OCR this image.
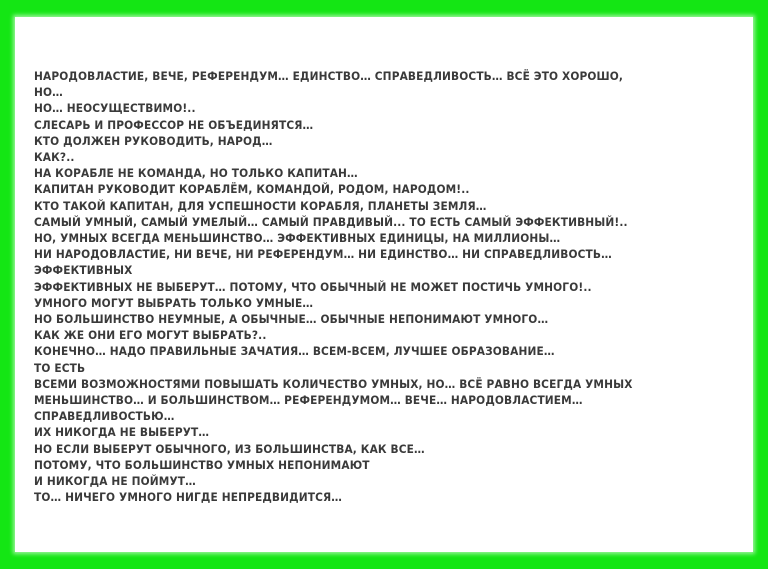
НАРОДОВЛАСТИЕ, ВЕЧЕ, РЕФЕРЕНДУМ… ЕДИНСТВО… СПРАВЕДЛИВОСТЬ… ВСЁ ЭТО ХОРОШО,
НО…
НО… НЕОСУЩЕСТВИМО!..
СЛЕСАРЬ И ПРОФЕССОР НЕ ОБЪЕДИНЯТСЯ…
КТО ДОЛЖЕН РУКОВОДИТЬ, НАРОД…
КАК?..
НА КОРАБЛЕ НЕ КОМАНДА, НО ТОЛЬКО КАПИТАН…
КАПИТАН РУКОВОДИТ КОРАБЛЁМ, КОМАНДОЙ, РОДОМ, НАРОДОМ!..
КТО ТАКОЙ КАПИТАН, ДЛЯ УСПЕШНОСТИ КОРАБЛЯ, ПЛАНЕТЫ ЗЕМЛЯ…
САМЫЙ УМНЫЙ, САМЫЙ УМЕЛЫЙ… САМЫЙ ПРАВДИВЫЙ... ТО ЕСТЬ САМЫЙ ЭФФЕКТИВНЫЙ!..
НО, УМНЫХ ВСЕГДА МЕНЬШИНСТВО… ЭФФЕКТИВНЫХ ЕДИНИЦЫ, НА МИЛЛИОНЫ…
НИ НАРОДОВЛАСТИЕ, НИ ВЕЧЕ, НИ РЕФЕРЕНДУМ… НИ ЕДИНСТВО… НИ СПРАВЕДЛИВОСТЬ…
ЭФФЕКТИВНЫХ
ЭФФЕКТИВНЫХ НЕ ВЫБЕРУТ… ПОТОМУ, ЧТО ОБЫЧНЫЙ НЕ МОЖЕТ ПОСТИЧЬ УМНОГО!..
УМНОГО МОГУТ ВЫБРАТЬ ТОЛЬКО УМНЫЕ…
НО БОЛЬШИНСТВО НЕУМНЫЕ, А ОБЫЧНЫЕ… ОБЫЧНЫЕ НЕПОНИМАЮТ УМНОГО…
КАК ЖЕ ОНИ ЕГО МОГУТ ВЫБРАТЬ?..
КОНЕЧНО… НАДО ПРАВИЛЬНЫЕ ЗАЧАТИЯ… ВСЕМ-ВСЕМ, ЛУЧШЕЕ ОБРАЗОВАНИЕ…
ТО ЕСТЬ
ВСЕМИ ВОЗМОЖНОСТЯМИ ПОВЫШАТЬ КОЛИЧЕСТВО УМНЫХ, НО… ВСЁ РАВНО ВСЕГДА УМНЫХ
МЕНЬШИНСТВО… И БОЛЬШИНСТВОМ… РЕФЕРЕНДУМОМ… ВЕЧЕ… НАРОДОВЛАСТИЕМ…
СПРАВЕДЛИВОСТЬЮ…
ИХ НИКОГДА НЕ ВЫБЕРУТ…
НО ЕСЛИ ВЫБЕРУТ ОБЫЧНОГО, ИЗ БОЛЬШИНСТВА, КАК ВСЕ…
ПОТОМУ, ЧТО БОЛЬШИНСТВО УМНЫХ НЕПОНИМАЮТ
И НИКОГДА НЕ ПОЙМУТ…
ТО… НИЧЕГО УМНОГО НИГДЕ НЕПРЕДВИДИТСЯ…
